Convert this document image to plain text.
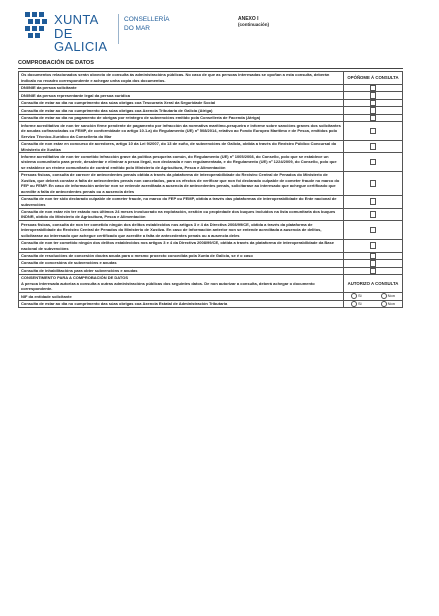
XUNTA
DE GALICIA
CONSELLERÍA
DO MAR
ANEXO I
(continuación)
COMPROBACIÓN DE DATOS
Os documentos relacionados serán obxecto de consulta ás administracións públicas. No caso de que as persoas interesadas se opoñan a esta consulta, deberán indicalo no recadro correspondente e achegar unha copia dos documentos.	OPÓÑOME Á CONSULTA
DNI/NIE da persoa solicitante	
DNI/NIE da persoa representante legal da persoa xurídica	
Consulta de estar ao día no cumprimento das súas obrigas coa Tesouraría Xeral da Seguridade Social	
Consulta de estar ao día no cumprimento das súas obrigas coa Axencia Tributaria de Galicia (Atriga)	
Consulta de estar ao día no pagamento de obrigas por reintegro de subvencións emitido pola Consellería de Facenda (Atriga)	
Informe acreditativo de non ter sanción firme pendente de pagamento por infracción da normativa marítimo-pesqueira e informe sobre sancións graves dos solicitantes de axudas cofinanciadas co FEMP, de conformidade co artigo 10.1.a) do Regulamento (UE) nº 508/2014, relativo ao Fondo Europeo Marítimo e de Pesca, emitidos polo Servizo Técnico-Xurídico da Consellería do Mar	
Consulta de non estar en concurso de acredores, artigo 10 da Lei 9/2007, do 13 de xuño, de subvencións de Galicia, obtida a través do Rexistro Público Concursal do Ministerio de Xustiza	
Informe acreditativo de non ter cometido infracción grave da política pesqueira común, do Regulamento (UE) nº 1005/2008, do Consello, polo que se establece un sistema comunitario para previr, desalentar e eliminar a pesca ilegal, non declarada e non regulamentada, e do Regulamento (UE) nº 1224/2009, do Consello, polo que se establece un réxime comunitario de control emitido polo Ministerio de Agricultura, Pesca e Alimentación	
Persoas físicas, consulta de carecer de antecedentes penais obtida a través da plataforma de interoperabilidade do Rexistro Central de Penados do Ministerio de Xustiza, que deberá constar a falta de antecedentes penais non cancelados, para os efectos de verificar que non foi declarado culpable de cometer fraude no marco do FEP ou FEMP. En caso de información anterior non se entende acreditada a ausencia de antecedentes penais, solicitarase ao interesado que achegue certificado que acredite a falta de antecedentes penais ou a ausencia deles	
Consulta de non ter sido declarado culpable de cometer fraude, no marco do FEP ou FEMP, obtida a través das plataformas de interoperabilidade do Ente nacional de subvencións	
Consulta de non estar nin ter estado nos últimos 24 meses involucrado na explotación, xestión ou propiedade dos buques incluídos na lista comunitaria dos buques INDNR, obtido do Ministerio de Agricultura, Pesca e Alimentación	
Persoas físicas, consulta de non ter cometido ningún dos delitos establecidos nos artigos 3 e 4 da Directiva 2008/99/CE, obtida a través da plataforma de interoperabilidade do Rexistro Central de Penados do Ministerio de Xustiza. En caso de información anterior non se entende acreditada a ausencia de delitos, solicitarase ao interesado que achegue certificado que acredite a falta de antecedentes penais ou a ausencia deles	
Consulta de non ter cometido ningún dos delitos establecidos nos artigos 3 e 4 da Directiva 2008/99/CE, obtida a través da plataforma de interoperabilidade da Base nacional de subvencións	
Consulta de resolucións de concesión doutra axuda para o mesmo proxecto concedida pola Xunta de Galicia, se é o caso	
Consulta de concesións de subvencións e axudas	
Consulta de inhabilitacións para obter subvencións e axudas	

CONSENTIMENTO PARA A COMPROBACIÓN DE DATOS
A persoa interesada autoriza a consulta a outras administracións públicas dos seguintes datos. De non autorizar a consulta, deberá achegar o documento correspondente.	AUTORIZO A CONSULTA
NIF da entidade solicitante	Si Non

Consulta de estar ao día no cumprimento das súas obrigas coa Axencia Estatal de Administración Tributaria	Si Non
